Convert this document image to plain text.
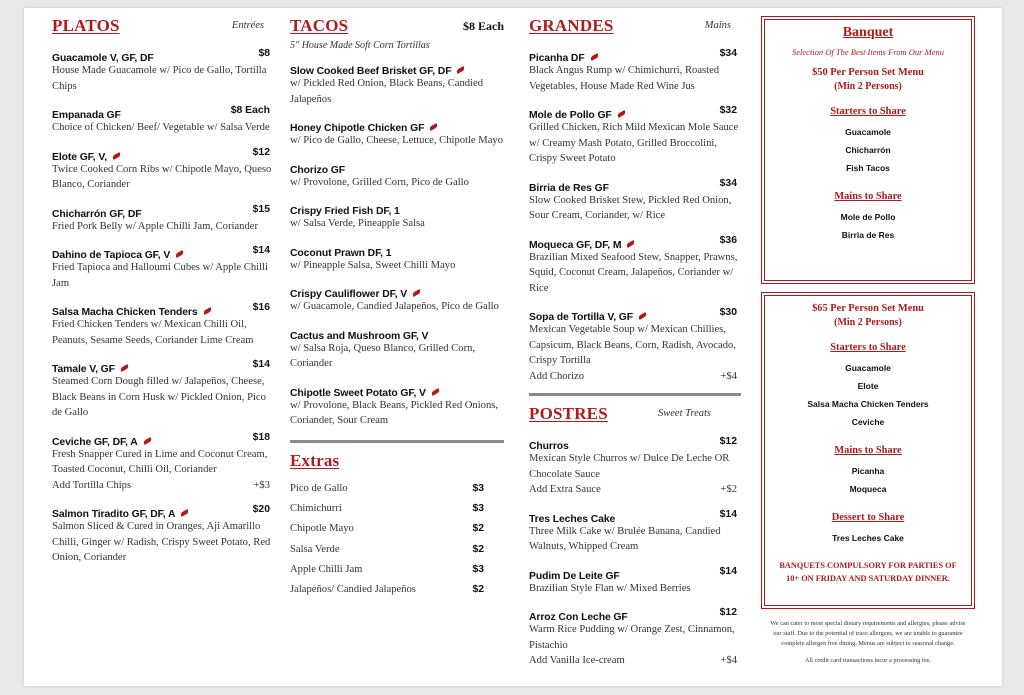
PLATOS	Entrées
Guacamole V, GF, DF	$8
House Made Guacamole w/ Pico de Gallo, Tortilla Chips
Empanada GF	$8 Each
Choice of Chicken/ Beef/ Vegetable w/ Salsa Verde
Elote GF, V,	$12
Twice Cooked Corn Ribs w/ Chipotle Mayo, Queso Blanco, Coriander
Chicharrón GF, DF	$15
Fried Pork Belly w/ Apple Chilli Jam, Coriander
Dahino de Tapioca GF, V	$14
Fried Tapioca and Halloumi Cubes w/ Apple Chilli Jam
Salsa Macha Chicken Tenders	$16
Fried Chicken Tenders w/ Mexican Chilli Oil, Peanuts, Sesame Seeds, Coriander Lime Cream
Tamale V, GF	$14
Steamed Corn Dough filled w/ Jalapeños, Cheese, Black Beans in Corn Husk w/ Pickled Onion, Pico de Gallo
Ceviche GF, DF, A	$18
Fresh Snapper Cured in Lime and Coconut Cream, Toasted Coconut, Chilli Oil, Coriander
Add Tortilla Chips	+$3
Salmon Tiradito GF, DF, A	$20
Salmon Sliced & Cured in Oranges, Aji Amarillo Chilli, Ginger w/ Radish, Crispy Sweet Potato, Red Onion, Coriander
TACOS	$8 Each
5" House Made Soft Corn Tortillas
Slow Cooked Beef Brisket GF, DF
w/ Pickled Red Onion, Black Beans, Candied Jalapeños
Honey Chipotle Chicken GF
w/ Pico de Gallo, Cheese, Lettuce, Chipotle Mayo
Chorizo GF
w/ Provolone, Grilled Corn, Pico de Gallo
Crispy Fried Fish DF, 1
w/ Salsa Verde, Pineapple Salsa
Coconut Prawn DF, 1
w/ Pineapple Salsa, Sweet Chilli Mayo
Crispy Cauliflower DF, V
w/ Guacamole, Candied Jalapeños, Pico de Gallo
Cactus and Mushroom GF, V
w/ Salsa Roja, Queso Blanco, Grilled Corn, Coriander
Chipotle Sweet Potato GF, V
w/ Provolone, Black Beans, Pickled Red Onions, Coriander, Sour Cream
Extras
Pico de Gallo	$3
Chimichurri	$3
Chipotle Mayo	$2
Salsa Verde	$2
Apple Chilli Jam	$3
Jalapeños/ Candied Jalapeños	$2
GRANDES	Mains
Picanha DF	$34
Black Angus Rump w/ Chimichurri, Roasted Vegetables, House Made Red Wine Jus
Mole de Pollo GF	$32
Grilled Chicken, Rich Mild Mexican Mole Sauce w/ Creamy Mash Potato, Grilled Broccolini, Crispy Sweet Potato
Birria de Res GF	$34
Slow Cooked Brisket Stew, Pickled Red Onion, Sour Cream, Coriander, w/ Rice
Moqueca GF, DF, M	$36
Brazilian Mixed Seafood Stew, Snapper, Prawns, Squid, Coconut Cream, Jalapeños, Coriander w/ Rice
Sopa de Tortilla V, GF	$30
Mexican Vegetable Soup w/ Mexican Chillies, Capsicum, Black Beans, Corn, Radish, Avocado, Crispy Tortilla
Add Chorizo	+$4
POSTRES	Sweet Treats
Churros	$12
Mexican Style Churros w/ Dulce De Leche OR Chocolate Sauce
Add Extra Sauce	+$2
Tres Leches Cake	$14
Three Milk Cake w/ Brulée Banana, Candied Walnuts, Whipped Cream
Pudim De Leite GF	$14
Brazilian Style Flan w/ Mixed Berries
Arroz Con Leche GF	$12
Warm Rice Pudding w/ Orange Zest, Cinnamon, Pistachio
Add Vanilla Ice-cream	+$4
Banquet
Selection Of The Best Items From Our Menu
$50 Per Person Set Menu
(Min 2 Persons)
Starters to Share
Guacamole
Chicharrón
Fish Tacos
Mains to Share
Mole de Pollo
Birria de Res
$65 Per Person Set Menu
(Min 2 Persons)
Starters to Share
Guacamole
Elote
Salsa Macha Chicken Tenders
Ceviche
Mains to Share
Picanha
Moqueca
Dessert to Share
Tres Leches Cake
BANQUETS COMPULSORY FOR PARTIES OF 10+ ON FRIDAY AND SATURDAY DINNER.
We can cater to most special dietary requirements and allergies, please advise our staff. Due to the potential of trace allergens, we are unable to guarantee complete allergen free dining. Menus are subject to seasonal change.
All credit card transactions incur a processing fee.
